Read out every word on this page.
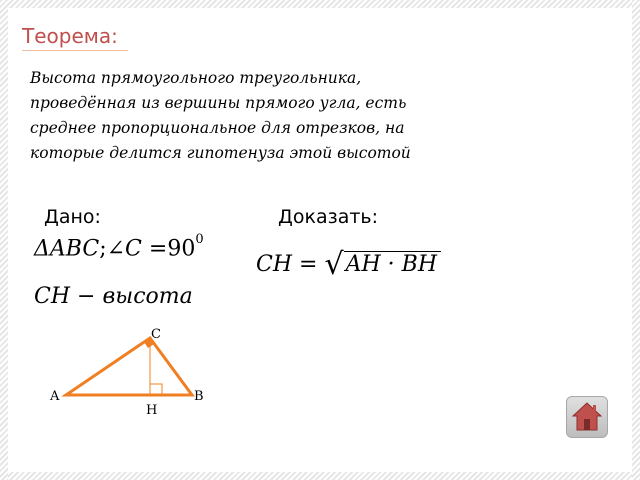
Теорема:
Высота прямоугольного треугольника,
проведённая из вершины прямого угла, есть
среднее пропорциональное для отрезков, на
которые делится гипотенуза этой высотой
Дано:	Доказать:
ΔABC;∠C $=90^0$
CH = √AH · BH
CH − высота
C
A	B
H
